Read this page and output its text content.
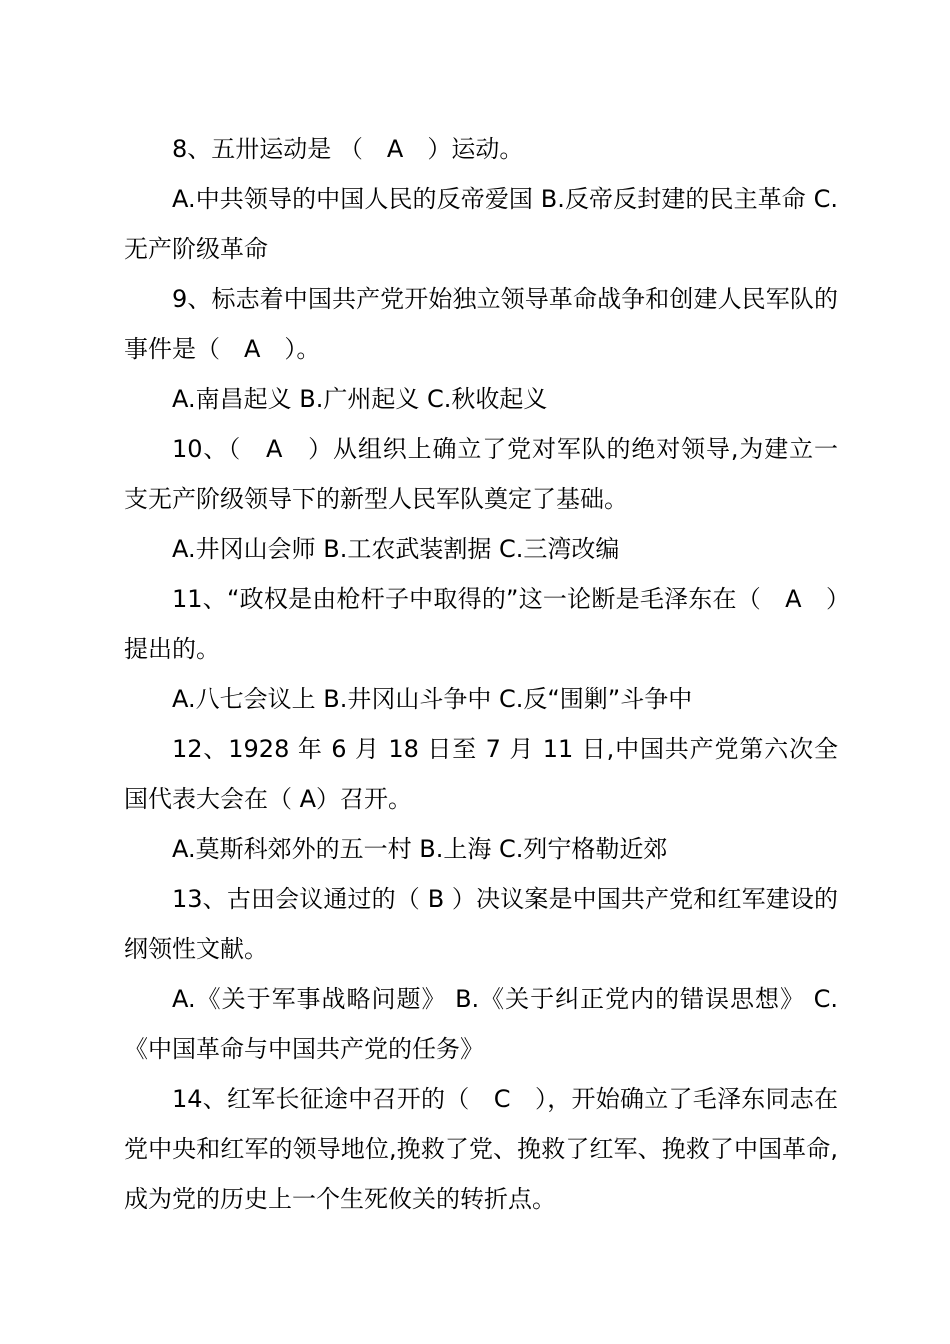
8、五卅运动是 （　A　）运动。

A.中共领导的中国人民的反帝爱国 B.反帝反封建的民主革命 C.无产阶级革命

9、标志着中国共产党开始独立领导革命战争和创建人民军队的事件是（　A　）。

A.南昌起义 B.广州起义 C.秋收起义

10、（　A　）从组织上确立了党对军队的绝对领导,为建立一支无产阶级领导下的新型人民军队奠定了基础。

A.井冈山会师 B.工农武装割据 C.三湾改编

11、“政权是由枪杆子中取得的”这一论断是毛泽东在（　A　）提出的。

A.八七会议上 B.井冈山斗争中 C.反“围剿”斗争中

12、1928 年 6 月 18 日至 7 月 11 日,中国共产党第六次全国代表大会在（ A）召开。

A.莫斯科郊外的五一村 B.上海 C.列宁格勒近郊

13、古田会议通过的（ B ）决议案是中国共产党和红军建设的纲领性文献。

A.《关于军事战略问题》 B.《关于纠正党内的错误思想》 C.《中国革命与中国共产党的任务》

14、红军长征途中召开的（　C　），开始确立了毛泽东同志在党中央和红军的领导地位,挽救了党、挽救了红军、挽救了中国革命,成为党的历史上一个生死攸关的转折点。
